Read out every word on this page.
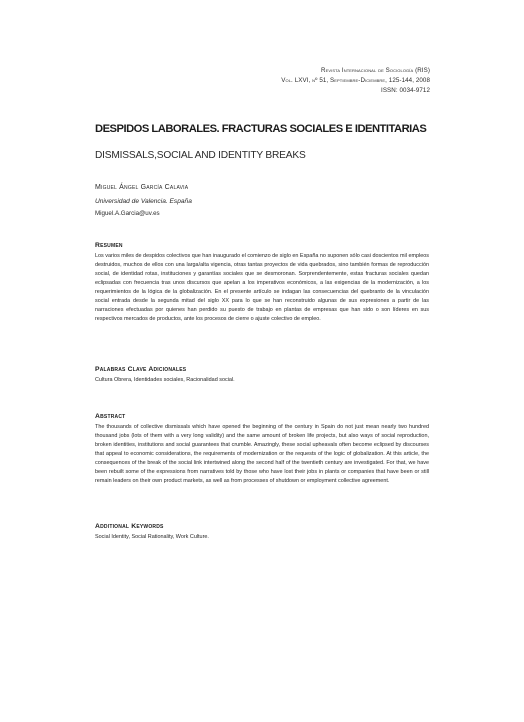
Revista Internacional de Sociología (RIS)
Vol. LXVI, nº 51, Septiembre-Diciembre, 125-144, 2008
ISSN: 0034-9712
DESPIDOS LABORALES. FRACTURAS SOCIALES E IDENTITARIAS
DISMISSALS,SOCIAL AND IDENTITY BREAKS
Miguel Ángel García Calavia
Universidad de Valencia. España
Miguel.A.Garcia@uv.es
Resumen
Los varios miles de despidos colectivos que han inaugurado el comienzo de siglo en España no suponen sólo casi doscientos mil empleos destruidos, muchos de ellos con una larga/alta vigencia, otras tantas proyectos de vida quebrados, sino también formas de reproducción social, de identidad rotas, instituciones y garantías sociales que se desmoronan. Sorprendentemente, estas fracturas sociales quedan eclipsadas con frecuencia tras unos discursos que apelan a los imperativos económicos, a las exigencias de la modernización, a los requerimientos de la lógica de la globalización. En el presente artículo se indagan las consecuencias del quebranto de la vinculación social entrada desde la segunda mitad del siglo XX para lo que se han reconstruido algunas de sus expresiones a partir de las narraciones efectuadas por quienes han perdido su puesto de trabajo en plantas de empresas que han sido o son líderes en sus respectivos mercados de productos, ante los procesos de cierre o ajuste colectivo de empleo.
Palabras Clave Adicionales
Cultura Obrera, Identidades sociales, Racionalidad social.
Abstract
The thousands of collective dismissals which have opened the beginning of the century in Spain do not just mean nearly two hundred thousand jobs (lots of them with a very long validity) and the same amount of broken life projects, but also ways of social reproduction, broken identities, institutions and social guarantees that crumble. Amazingly, these social upheavals often become eclipsed by discourses that appeal to economic considerations, the requirements of modernization or the requests of the logic of globalization. At this article, the consequences of the break of the social link intertwined along the second half of the twentieth century are investigated. For that, we have been rebuilt some of the expressions from narratives told by those who have lost their jobs in plants or companies that have been or still remain leaders on their own product markets, as well as from processes of shutdown or employment collective agreement.
Additional Keywords
Social Identity, Social Rationality, Work Culture.
